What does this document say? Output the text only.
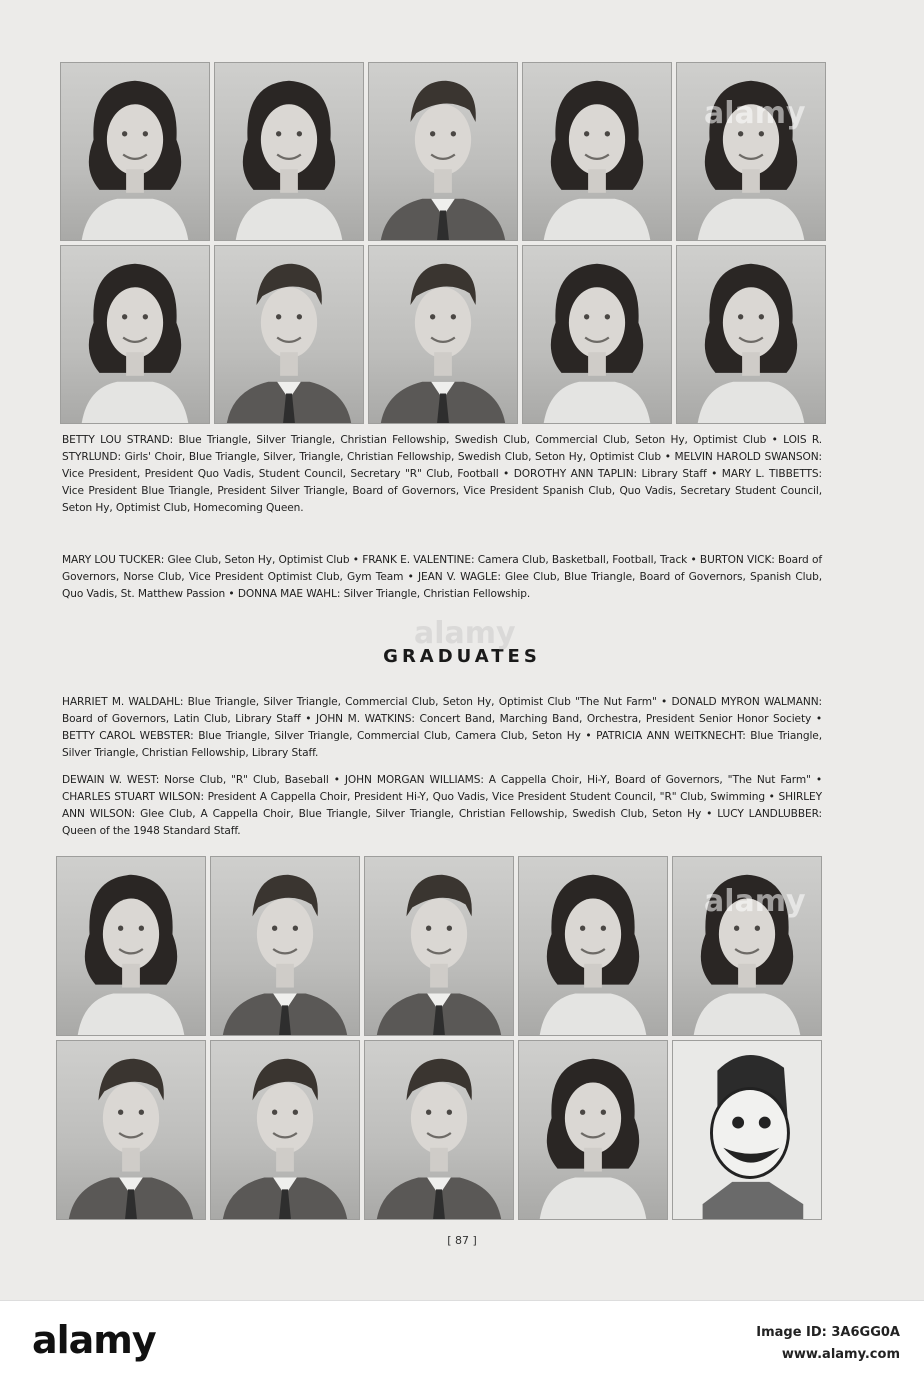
BETTY LOU STRAND: Blue Triangle, Silver Triangle, Christian Fellowship, Swedish Club, Commercial Club, Seton Hy, Optimist Club • LOIS R. STYRLUND: Girls' Choir, Blue Triangle, Silver, Triangle, Christian Fellowship, Swedish Club, Seton Hy, Optimist Club • MELVIN HAROLD SWANSON: Vice President, President Quo Vadis, Student Council, Secretary "R" Club, Football • DOROTHY ANN TAPLIN: Library Staff • MARY L. TIBBETTS: Vice President Blue Triangle, President Silver Triangle, Board of Governors, Vice President Spanish Club, Quo Vadis, Secretary Student Council, Seton Hy, Optimist Club, Homecoming Queen.
MARY LOU TUCKER: Glee Club, Seton Hy, Optimist Club • FRANK E. VALENTINE: Camera Club, Basketball, Football, Track • BURTON VICK: Board of Governors, Norse Club, Vice President Optimist Club, Gym Team • JEAN V. WAGLE: Glee Club, Blue Triangle, Board of Governors, Spanish Club, Quo Vadis, St. Matthew Passion • DONNA MAE WAHL: Silver Triangle, Christian Fellowship.
GRADUATES
HARRIET M. WALDAHL: Blue Triangle, Silver Triangle, Commercial Club, Seton Hy, Optimist Club "The Nut Farm" • DONALD MYRON WALMANN: Board of Governors, Latin Club, Library Staff • JOHN M. WATKINS: Concert Band, Marching Band, Orchestra, President Senior Honor Society • BETTY CAROL WEBSTER: Blue Triangle, Silver Triangle, Commercial Club, Camera Club, Seton Hy • PATRICIA ANN WEITKNECHT: Blue Triangle, Silver Triangle, Christian Fellowship, Library Staff.
DEWAIN W. WEST: Norse Club, "R" Club, Baseball • JOHN MORGAN WILLIAMS: A Cappella Choir, Hi-Y, Board of Governors, "The Nut Farm" • CHARLES STUART WILSON: President A Cappella Choir, President Hi-Y, Quo Vadis, Vice President Student Council, "R" Club, Swimming • SHIRLEY ANN WILSON: Glee Club, A Cappella Choir, Blue Triangle, Silver Triangle, Christian Fellowship, Swedish Club, Seton Hy • LUCY LANDLUBBER: Queen of the 1948 Standard Staff.
[ 87 ]
alamy
alamy
alamy
alamy	Image ID: 3A6GG0A
www.alamy.com
